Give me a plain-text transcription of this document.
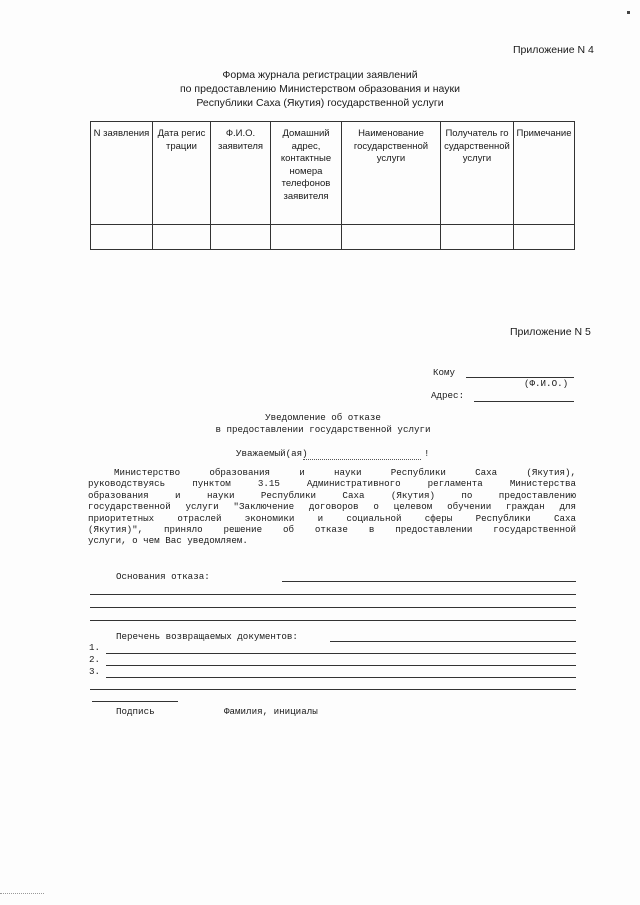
Приложение N 4
Форма журнала регистрации заявлений
по предоставлению Министерством образования и науки
Республики Саха (Якутия) государственной услуги
N заявления	Дата регистрации	Ф.И.О. заявителя	Домашний адрес, контактные номера телефонов заявителя	Наименование государственной услуги	Получатель государственной услуги	Примечание

Приложение N 5
Кому
(Ф.И.О.)
Адрес:
Уведомление об отказе
в предоставлении государственной услуги
Уважаемый(ая)	!

Министерство образования и науки Республики Саха (Якутия),

руководствуясь пунктом 3.15 Административного регламента Министерства

образования и науки Республики Саха (Якутия) по предоставлению

государственной услуги "Заключение договоров о целевом обучении граждан для

приоритетных отраслей экономики и социальной сферы Республики Саха

(Якутия)", приняло решение об отказе в предоставлении государственной

услуги, о чем Вас уведомляем.

Основания отказа:
Перечень возвращаемых документов:
1.
2.
3.
Подпись	Фамилия, инициалы
